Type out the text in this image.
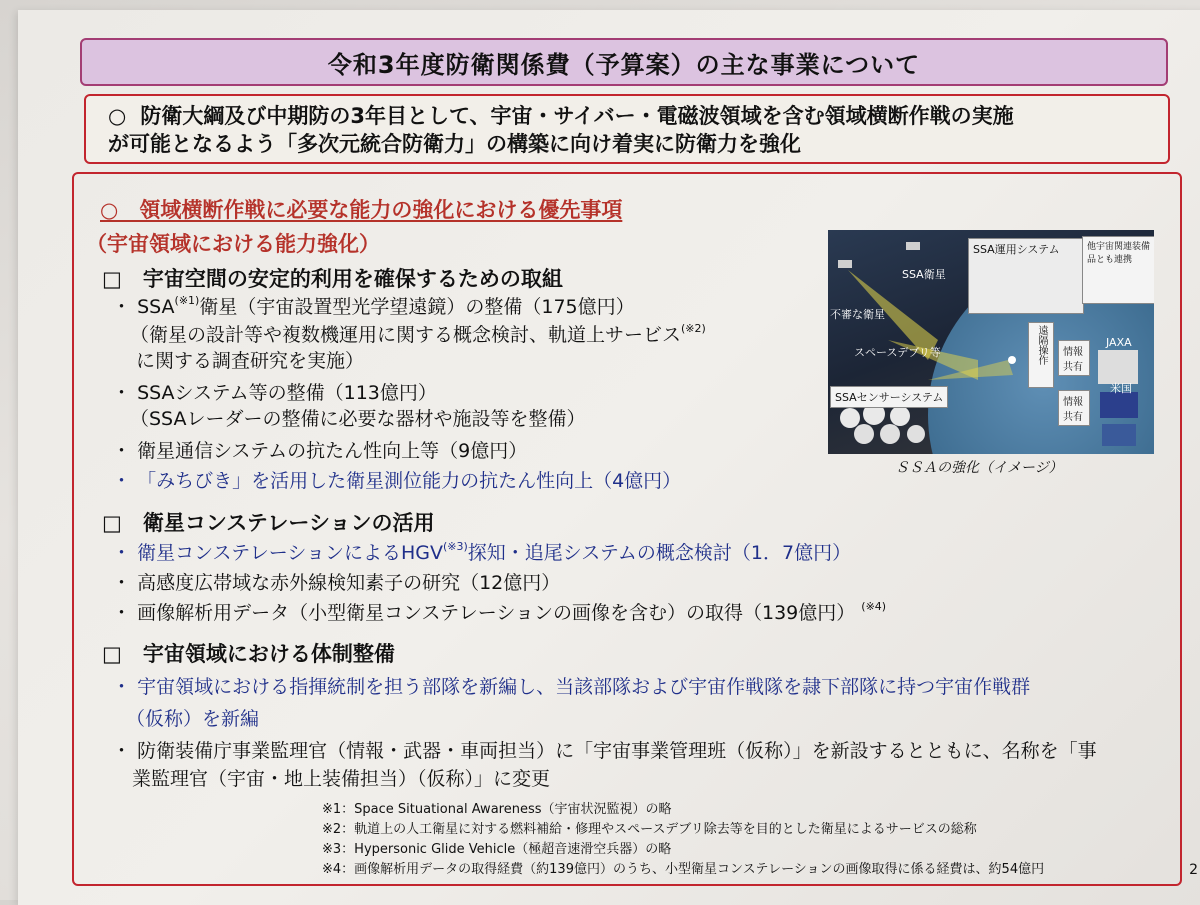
令和3年度防衛関係費（予算案）の主な事業について
○ 防衛大綱及び中期防の3年目として、宇宙・サイバー・電磁波領域を含む領域横断作戦の実施
が可能となるよう「多次元統合防衛力」の構築に向け着実に防衛力を強化
○　領域横断作戦に必要な能力の強化における優先事項
（宇宙領域における能力強化）
□　宇宙空間の安定的利用を確保するための取組
・ $SSA^{(※1)}$衛星（宇宙設置型光学望遠鏡）の整備（175億円）
（衛星の設計等や複数機運用に関する概念検討、軌道上サービス$^{(※2)}$
に関する調査研究を実施）
・ SSAシステム等の整備（113億円）
（SSAレーダーの整備に必要な器材や施設等を整備）
・ 衛星通信システムの抗たん性向上等（9億円）
・ 「みちびき」を活用した衛星測位能力の抗たん性向上（4億円）
□　衛星コンステレーションの活用
・ 衛星コンステレーションによる$HGV^{(※3)}$探知・追尾システムの概念検討（1．7億円）
・ 高感度広帯域な赤外線検知素子の研究（12億円）
・ 画像解析用データ（小型衛星コンステレーションの画像を含む）の取得（139億円） $^{(※4)}$
□　宇宙領域における体制整備
・ 宇宙領域における指揮統制を担う部隊を新編し、当該部隊および宇宙作戦隊を隷下部隊に持つ宇宙作戦群
（仮称）を新編
・ 防衛装備庁事業監理官（情報・武器・車両担当）に「宇宙事業管理班（仮称）」を新設するとともに、名称を「事
業監理官（宇宙・地上装備担当）（仮称）」に変更
※1：Space Situational Awareness（宇宙状況監視）の略
※2：軌道上の人工衛星に対する燃料補給・修理やスペースデブリ除去等を目的とした衛星によるサービスの総称
※3：Hypersonic Glide Vehicle（極超音速滑空兵器）の略
※4：画像解析用データの取得経費（約139億円）のうち、小型衛星コンステレーションの画像取得に係る経費は、約54億円
SSA運用システム	他宇宙関連装備品とも連携
SSA衛星
不審な衛星
スペースデブリ等	遠隔操作	情報共有
情報共有
JAXA
米国
SSAセンサーシステム
ＳＳＡの強化（イメージ）
2
